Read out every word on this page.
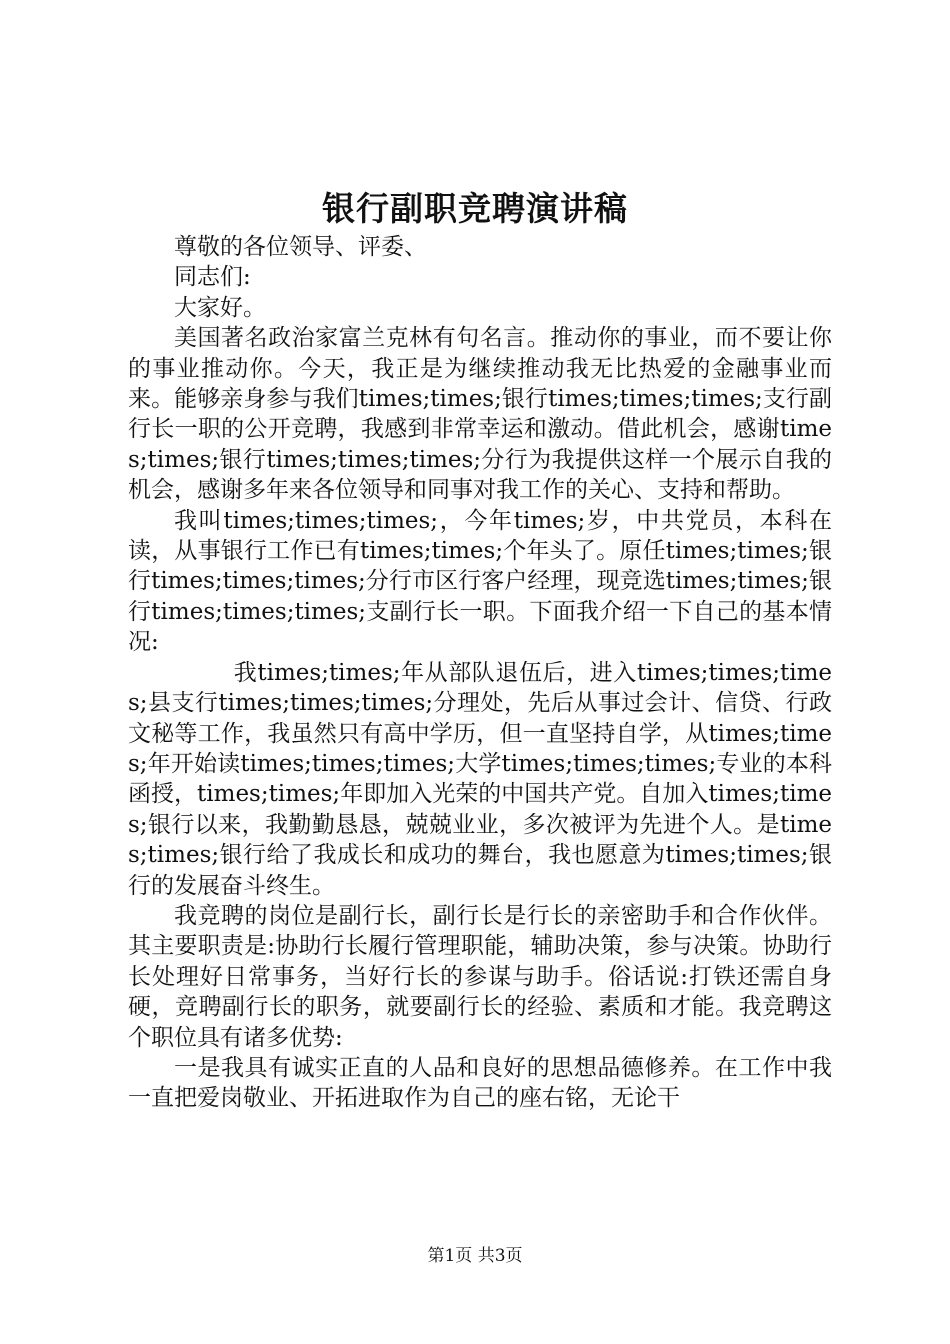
银行副职竞聘演讲稿

尊敬的各位领导、评委、

同志们:

大家好。

美国著名政治家富兰克林有句名言。推动你的事业，而不要让你的事业推动你。今天，我正是为继续推动我无比热爱的金融事业而来。能够亲身参与我们times;times;银行times;times;times;支行副行长一职的公开竞聘，我感到非常幸运和激动。借此机会，感谢times;times;银行times;times;times;分行为我提供这样一个展示自我的机会，感谢多年来各位领导和同事对我工作的关心、支持和帮助。

我叫times;times;times;，今年times;岁，中共党员，本科在读，从事银行工作已有times;times;个年头了。原任times;times;银行times;times;times;分行市区行客户经理，现竞选times;times;银行times;times;times;支副行长一职。下面我介绍一下自己的基本情况:

我times;times;年从部队退伍后，进入times;times;times;县支行times;times;times;分理处，先后从事过会计、信贷、行政文秘等工作，我虽然只有高中学历，但一直坚持自学，从times;times;年开始读times;times;times;大学times;times;times;专业的本科函授，times;times;年即加入光荣的中国共产党。自加入times;times;银行以来，我勤勤恳恳，兢兢业业，多次被评为先进个人。是times;times;银行给了我成长和成功的舞台，我也愿意为times;times;银行的发展奋斗终生。

我竞聘的岗位是副行长，副行长是行长的亲密助手和合作伙伴。其主要职责是:协助行长履行管理职能，辅助决策，参与决策。协助行长处理好日常事务，当好行长的参谋与助手。俗话说:打铁还需自身硬，竞聘副行长的职务，就要副行长的经验、素质和才能。我竞聘这个职位具有诸多优势:

一是我具有诚实正直的人品和良好的思想品德修养。在工作中我一直把爱岗敬业、开拓进取作为自己的座右铭，无论干

第1页 共3页
